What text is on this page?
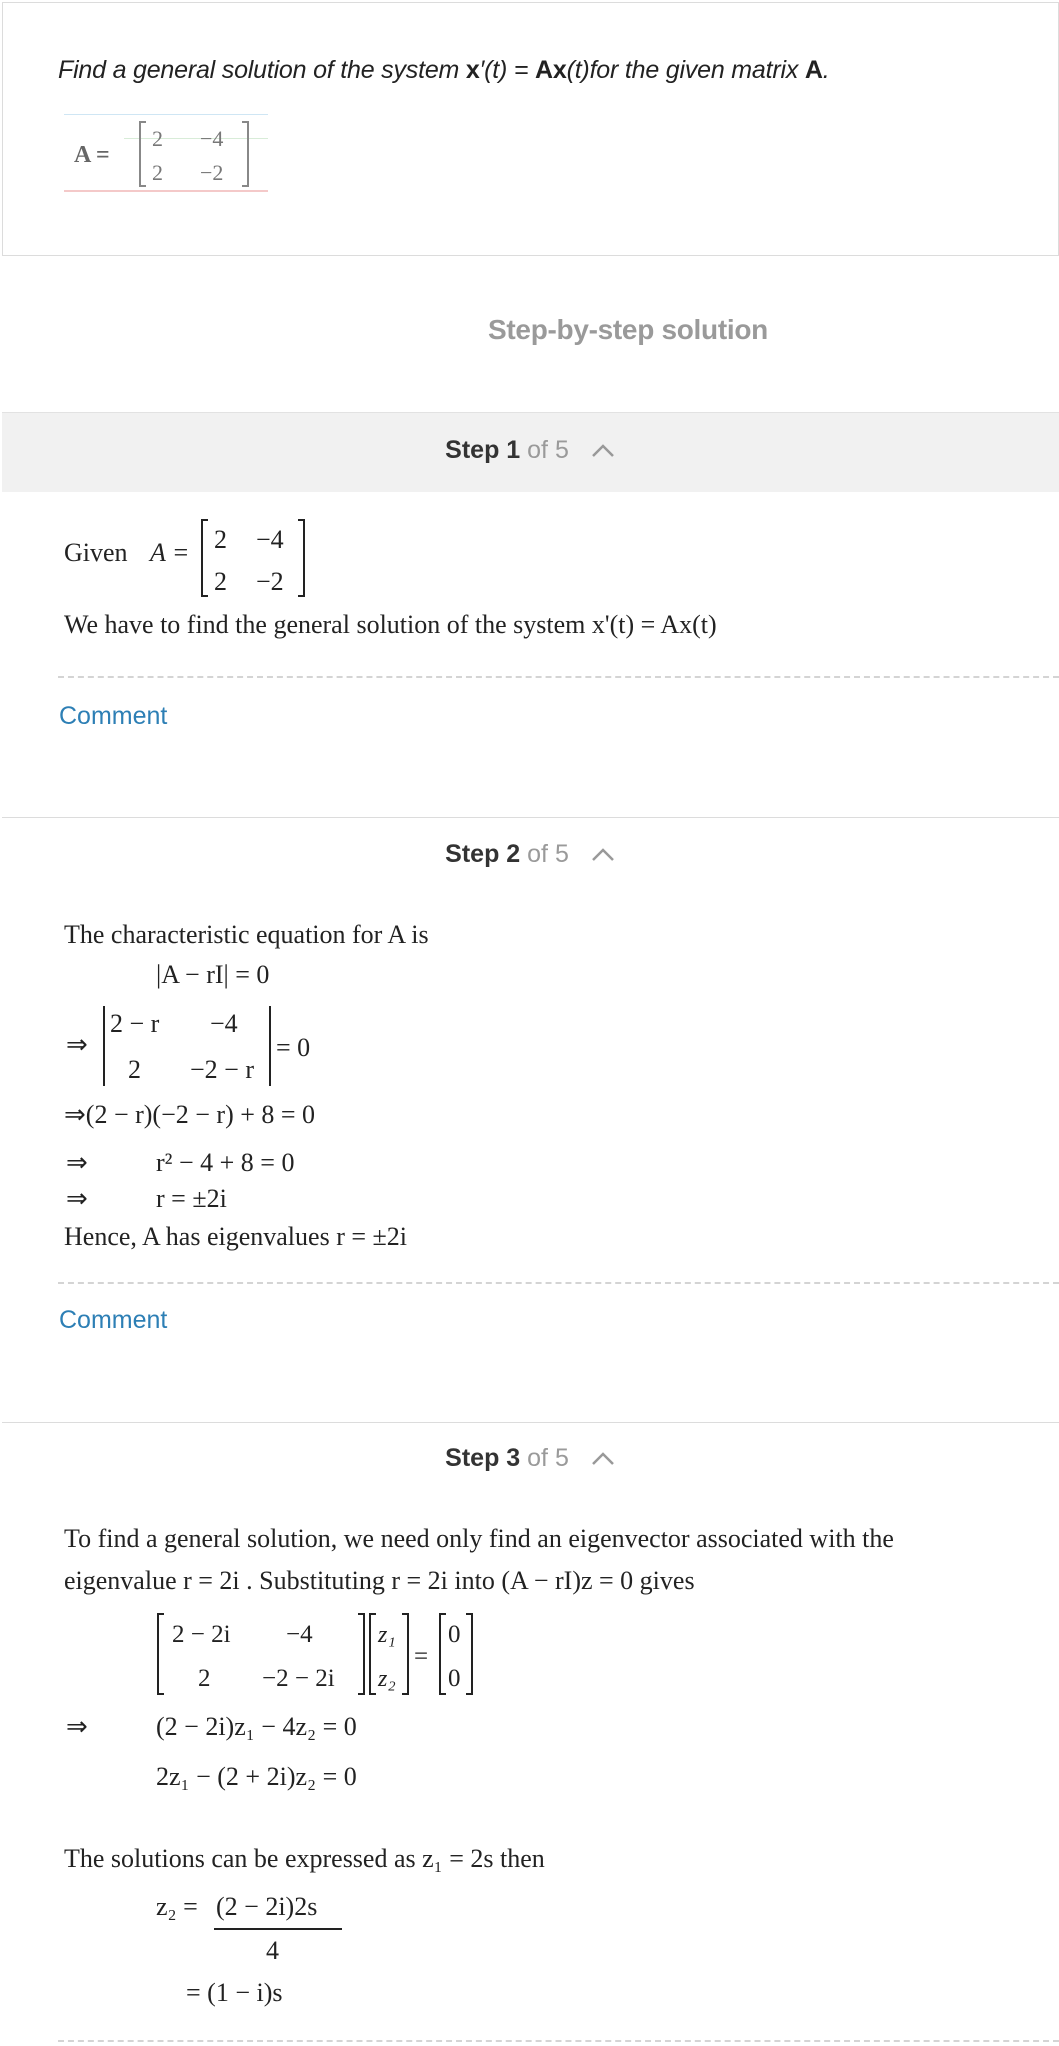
Find a general solution of the system x′(t) = Ax(t)for the given matrix A.
A =
2 −4
2 −2
Step-by-step solution
Step 1 of 5
Given A = 2 −4
2 −2
We have to find the general solution of the system x'(t) = Ax(t)
Comment
Step 2 of 5
The characteristic equation for A is
|A − rI| = 0
⇒
2 − r −4
2 −2 − r
= 0
⇒(2 − r)(−2 − r) + 8 = 0
⇒	r² − 4 + 8 = 0
⇒	r = ±2i
Hence, A has eigenvalues r = ±2i
Comment
Step 3 of 5
To find a general solution, we need only find an eigenvector associated with the
eigenvalue r = 2i . Substituting r = 2i into (A − rI)z = 0 gives
2 − 2i −4
2 −2 − 2i
z₁
z₂
=
0
0
⇒	(2 − 2i)z₁ − 4z₂ = 0
2z₁ − (2 + 2i)z₂ = 0
The solutions can be expressed as z₁ = 2s then
z₂ = (2 − 2i)2s
4
= (1 − i)s
